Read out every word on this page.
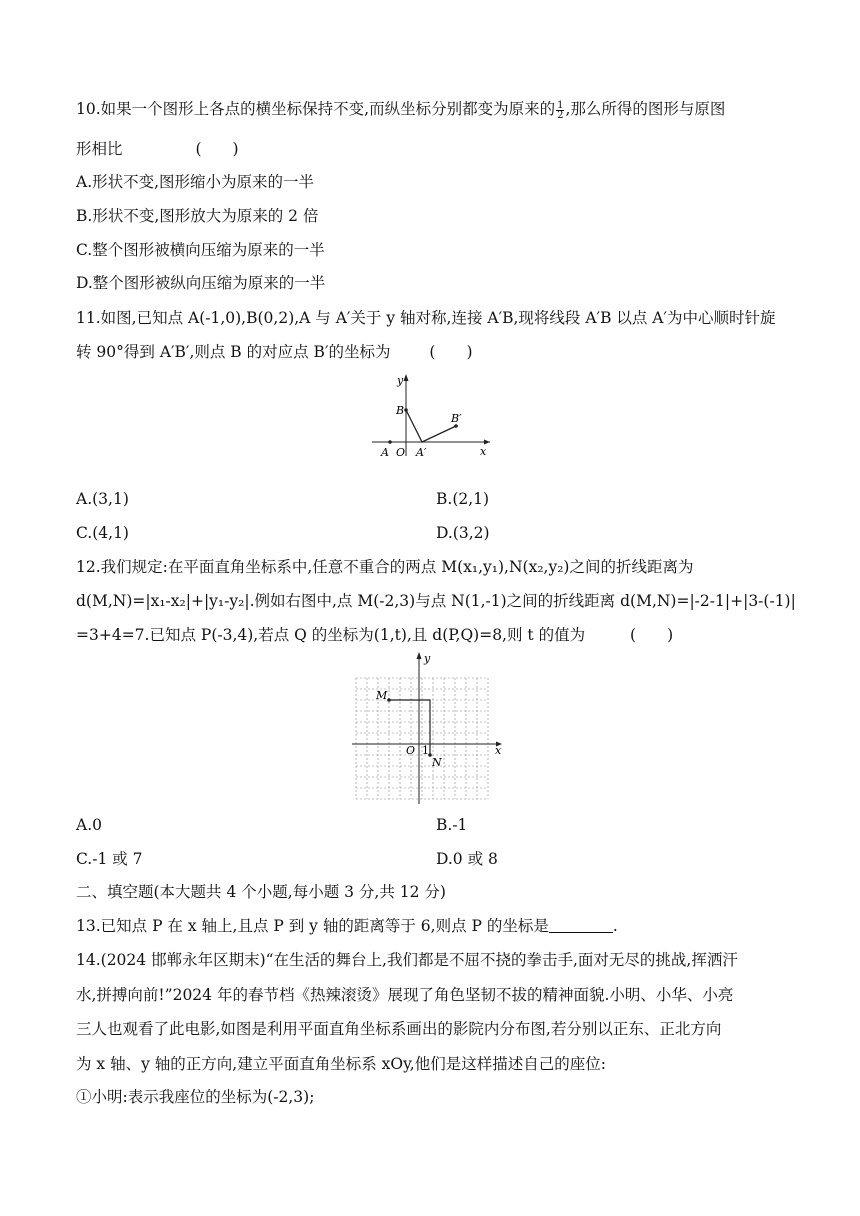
10.如果一个图形上各点的横坐标保持不变,而纵坐标分别都变为原来的 $\frac{1}{2}$ ,那么所得的图形与原图
形相比	(　　)
A.形状不变,图形缩小为原来的一半
B.形状不变,图形放大为原来的 2 倍
C.整个图形被横向压缩为原来的一半
D.整个图形被纵向压缩为原来的一半
11.如图,已知点 A(-1,0),B(0,2),A 与 A′关于 y 轴对称,连接 A′B,现将线段 A′B 以点 A′为中心顺时针旋
转 90°得到 A′B′,则点 B 的对应点 B′的坐标为	(　　)
y
x
B
B′
A O A′
A.(3,1)	B.(2,1)
C.(4,1)	D.(3,2)
12.我们规定:在平面直角坐标系中,任意不重合的两点 M(x₁,y₁),N(x₂,y₂)之间的折线距离为
d(M,N)=|x₁-x₂|+|y₁-y₂|.例如右图中,点 M(-2,3)与点 N(1,-1)之间的折线距离 d(M,N)=|-2-1|+|3-(-1)|
=3+4=7.已知点 P(-3,4),若点 Q 的坐标为(1,t),且 d(P,Q)=8,则 t 的值为	(　　)
y
x
M
N
O 1
A.0	B.-1
C.-1 或 7	D.0 或 8
二、填空题(本大题共 4 个小题,每小题 3 分,共 12 分)
13.已知点 P 在 x 轴上,且点 P 到 y 轴的距离等于 6,则点 P 的坐标是	.
14.(2024 邯郸永年区期末)“在生活的舞台上,我们都是不屈不挠的拳击手,面对无尽的挑战,挥洒汗
水,拼搏向前!”2024 年的春节档《热辣滚烫》展现了角色坚韧不拔的精神面貌.小明、小华、小亮
三人也观看了此电影,如图是利用平面直角坐标系画出的影院内分布图,若分别以正东、正北方向
为 x 轴、y 轴的正方向,建立平面直角坐标系 xOy,他们是这样描述自己的座位:
①小明:表示我座位的坐标为(-2,3);
